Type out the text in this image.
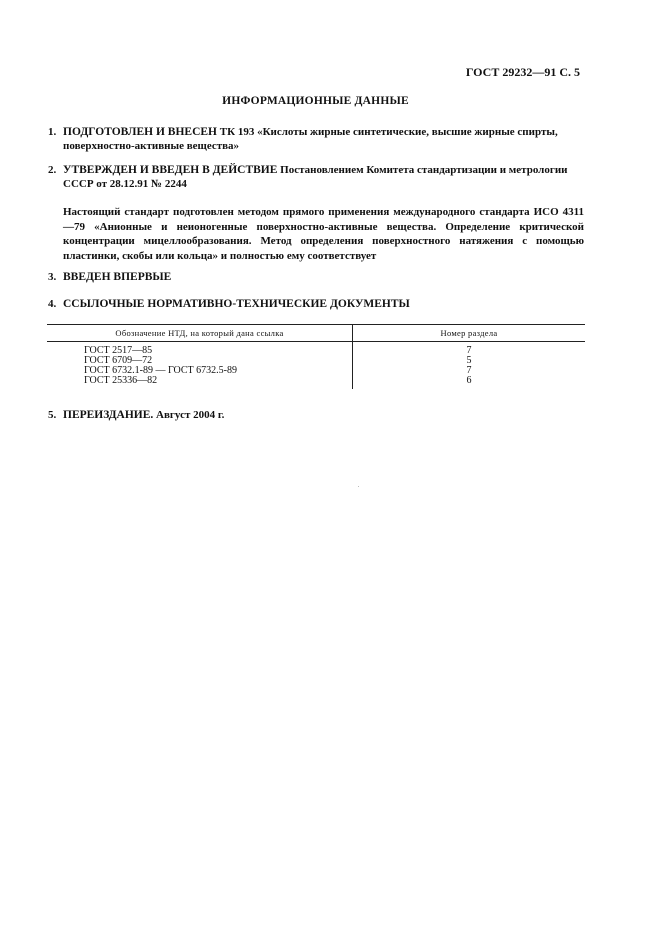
ГОСТ 29232—91 С. 5
ИНФОРМАЦИОННЫЕ ДАННЫЕ
1. ПОДГОТОВЛЕН И ВНЕСЕН ТК 193 «Кислоты жирные синтетические, высшие жирные спирты,
поверхностно-активные вещества»
2. УТВЕРЖДЕН И ВВЕДЕН В ДЕЙСТВИЕ Постановлением Комитета стандартизации и метрологии
СССР от 28.12.91 № 2244
Настоящий стандарт подготовлен методом прямого применения международного стандарта ИСО 4311—79 «Анионные и неионогенные поверхностно-активные вещества. Определение критической концентрации мицеллообразования. Метод определения поверхностного натяжения с помощью пластинки, скобы или кольца» и полностью ему соответствует
3. ВВЕДЕН ВПЕРВЫЕ
4. ССЫЛОЧНЫЕ НОРМАТИВНО-ТЕХНИЧЕСКИЕ ДОКУМЕНТЫ
Обозначение НТД, на который дана ссылка	Номер раздела
ГОСТ 2517—85	7
ГОСТ 6709—72	5
ГОСТ 6732.1-89 — ГОСТ 6732.5-89	7
ГОСТ 25336—82	6
5. ПЕРЕИЗДАНИЕ. Август 2004 г.
